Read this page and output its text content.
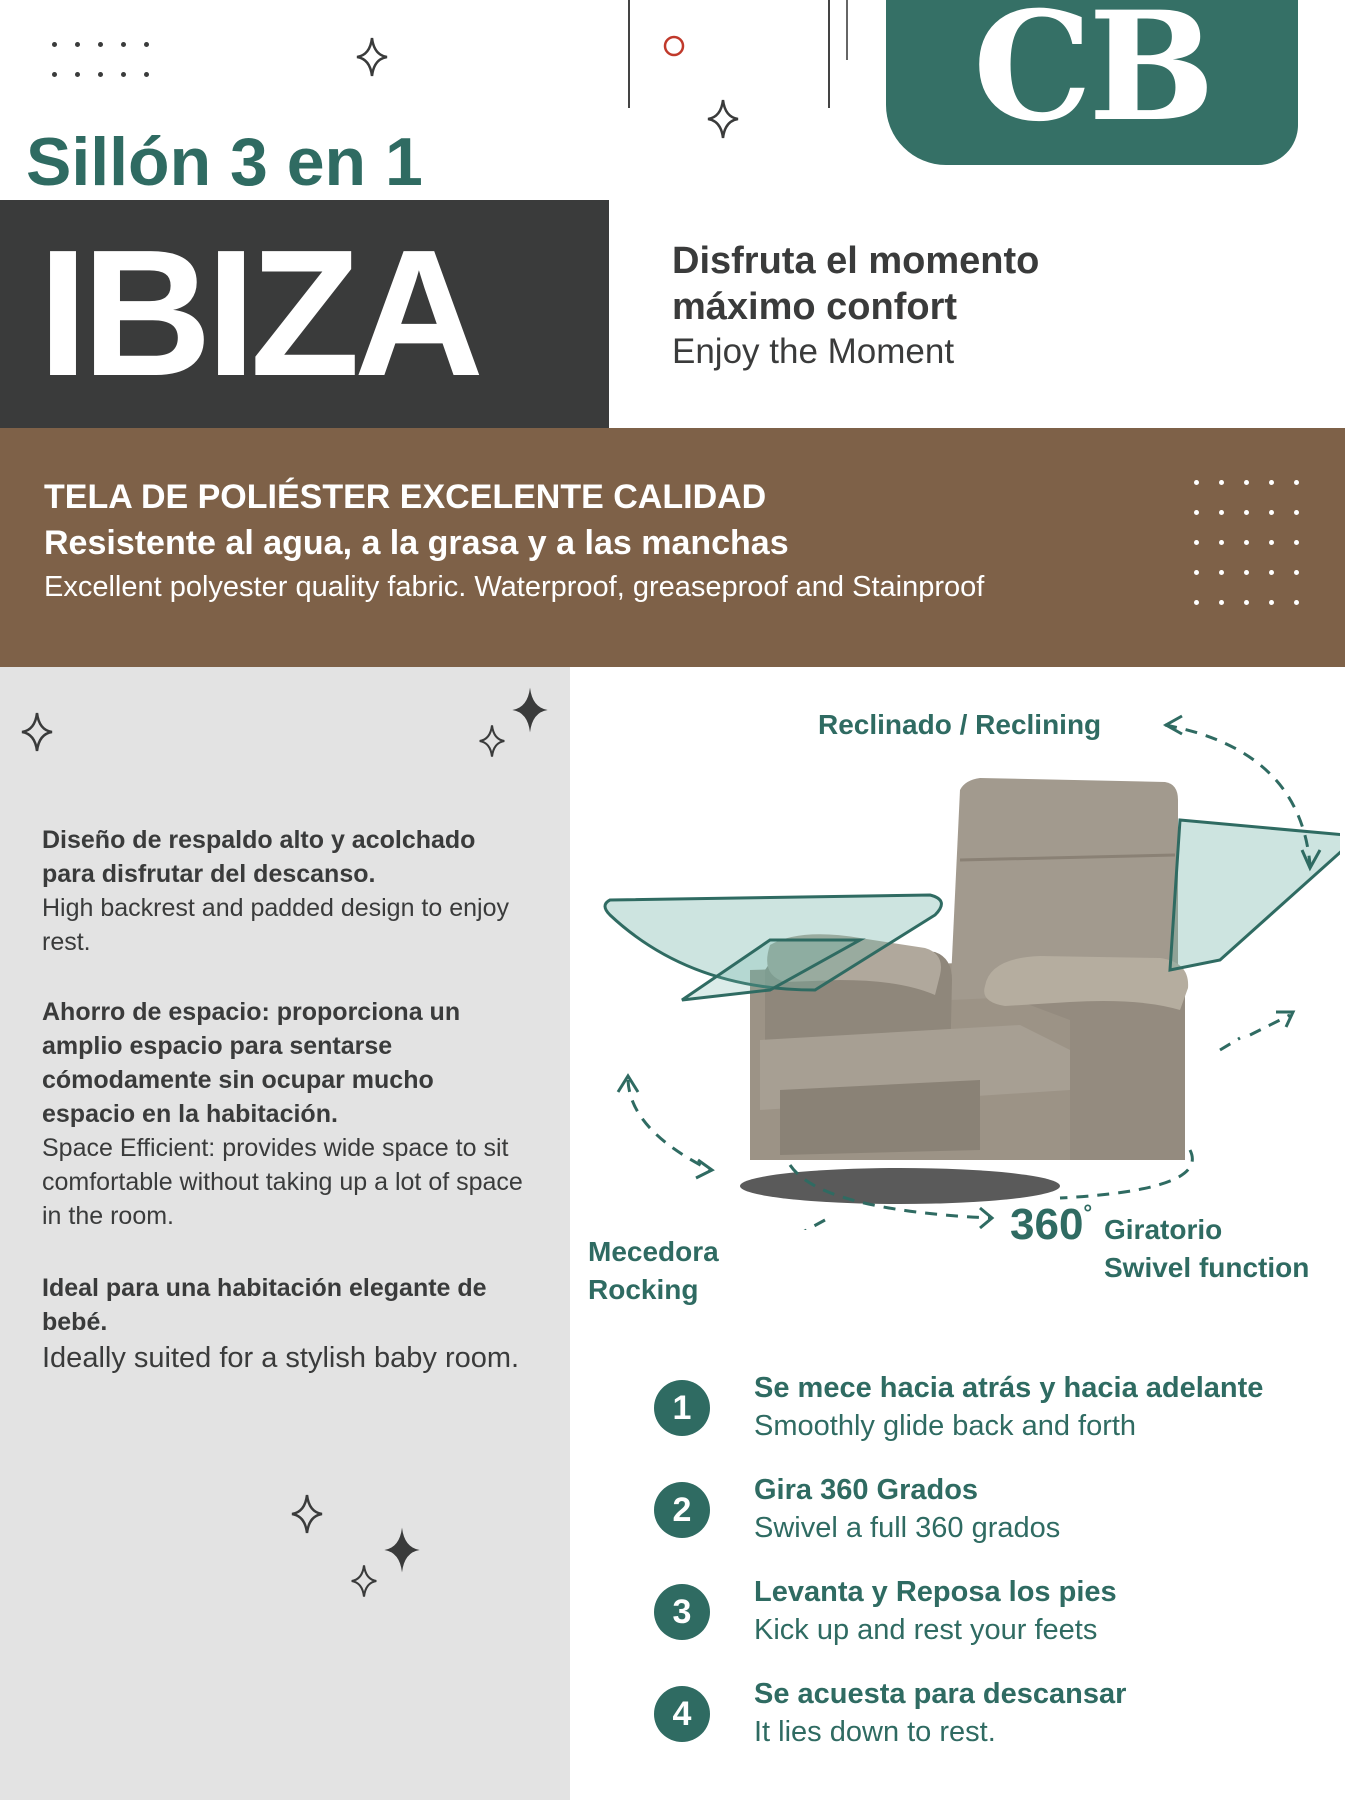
CB
Sillón 3 en 1
IBIZA	Disfruta el momento
máximo confort
Enjoy the Moment
TELA DE POLIÉSTER EXCELENTE CALIDAD
Resistente al agua, a la grasa y a las manchas
Excellent polyester quality fabric. Waterproof, greaseproof and Stainproof
Diseño de respaldo alto y acolchado para disfrutar del descanso.
High backrest and padded design to enjoy rest.
Ahorro de espacio: proporciona un amplio espacio para sentarse cómodamente sin ocupar mucho espacio en la habitación.
Space Efficient: provides wide space to sit comfortable without taking up a lot of space in the room.
Ideal para una habitación elegante de bebé.
Ideally suited for a stylish baby room.
Reclinado / Reclining
Mecedora
Rocking
360°
Giratorio
Swivel function
1
Se mece hacia atrás y hacia adelante
Smoothly glide back and forth
2
Gira 360 Grados
Swivel a full 360 grados
3
Levanta y Reposa los pies
Kick up and rest your feets
4
Se acuesta para descansar
It lies down to rest.
